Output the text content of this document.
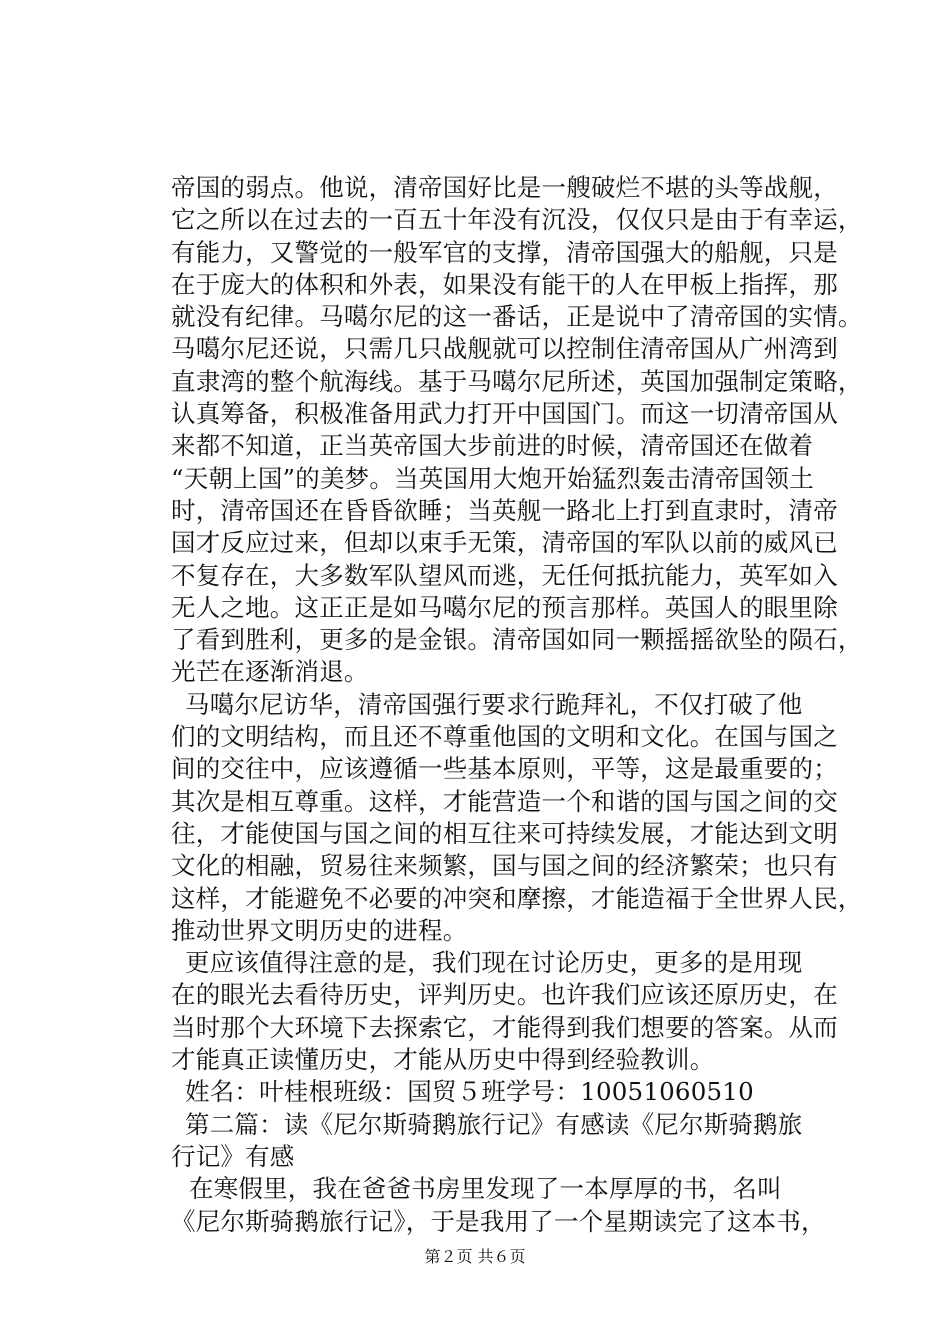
帝国的弱点。他说，清帝国好比是一艘破烂不堪的头等战舰，
它之所以在过去的一百五十年没有沉没，仅仅只是由于有幸运，
有能力，又警觉的一般军官的支撑，清帝国强大的船舰，只是
在于庞大的体积和外表，如果没有能干的人在甲板上指挥，那
就没有纪律。马噶尔尼的这一番话，正是说中了清帝国的实情。
马噶尔尼还说，只需几只战舰就可以控制住清帝国从广州湾到
直隶湾的整个航海线。基于马噶尔尼所述，英国加强制定策略，
认真筹备，积极准备用武力打开中国国门。而这一切清帝国从
来都不知道，正当英帝国大步前进的时候，清帝国还在做着
“天朝上国”的美梦。当英国用大炮开始猛烈轰击清帝国领土
时，清帝国还在昏昏欲睡；当英舰一路北上打到直隶时，清帝
国才反应过来，但却以束手无策，清帝国的军队以前的威风已
不复存在，大多数军队望风而逃，无任何抵抗能力，英军如入
无人之地。这正正是如马噶尔尼的预言那样。英国人的眼里除
了看到胜利，更多的是金银。清帝国如同一颗摇摇欲坠的陨石，
光芒在逐渐消退。
马噶尔尼访华，清帝国强行要求行跪拜礼，不仅打破了他
们的文明结构，而且还不尊重他国的文明和文化。在国与国之
间的交往中，应该遵循一些基本原则，平等，这是最重要的；
其次是相互尊重。这样，才能营造一个和谐的国与国之间的交
往，才能使国与国之间的相互往来可持续发展，才能达到文明
文化的相融，贸易往来频繁，国与国之间的经济繁荣；也只有
这样，才能避免不必要的冲突和摩擦，才能造福于全世界人民，
推动世界文明历史的进程。
更应该值得注意的是，我们现在讨论历史，更多的是用现
在的眼光去看待历史，评判历史。也许我们应该还原历史，在
当时那个大环境下去探索它，才能得到我们想要的答案。从而
才能真正读懂历史，才能从历史中得到经验教训。
姓名：叶桂根班级：国贸５班学号：10051060510
第二篇：读《尼尔斯骑鹅旅行记》有感读《尼尔斯骑鹅旅
行记》有感
在寒假里，我在爸爸书房里发现了一本厚厚的书，名叫
《尼尔斯骑鹅旅行记》，于是我用了一个星期读完了这本书，
第２页 共６页
